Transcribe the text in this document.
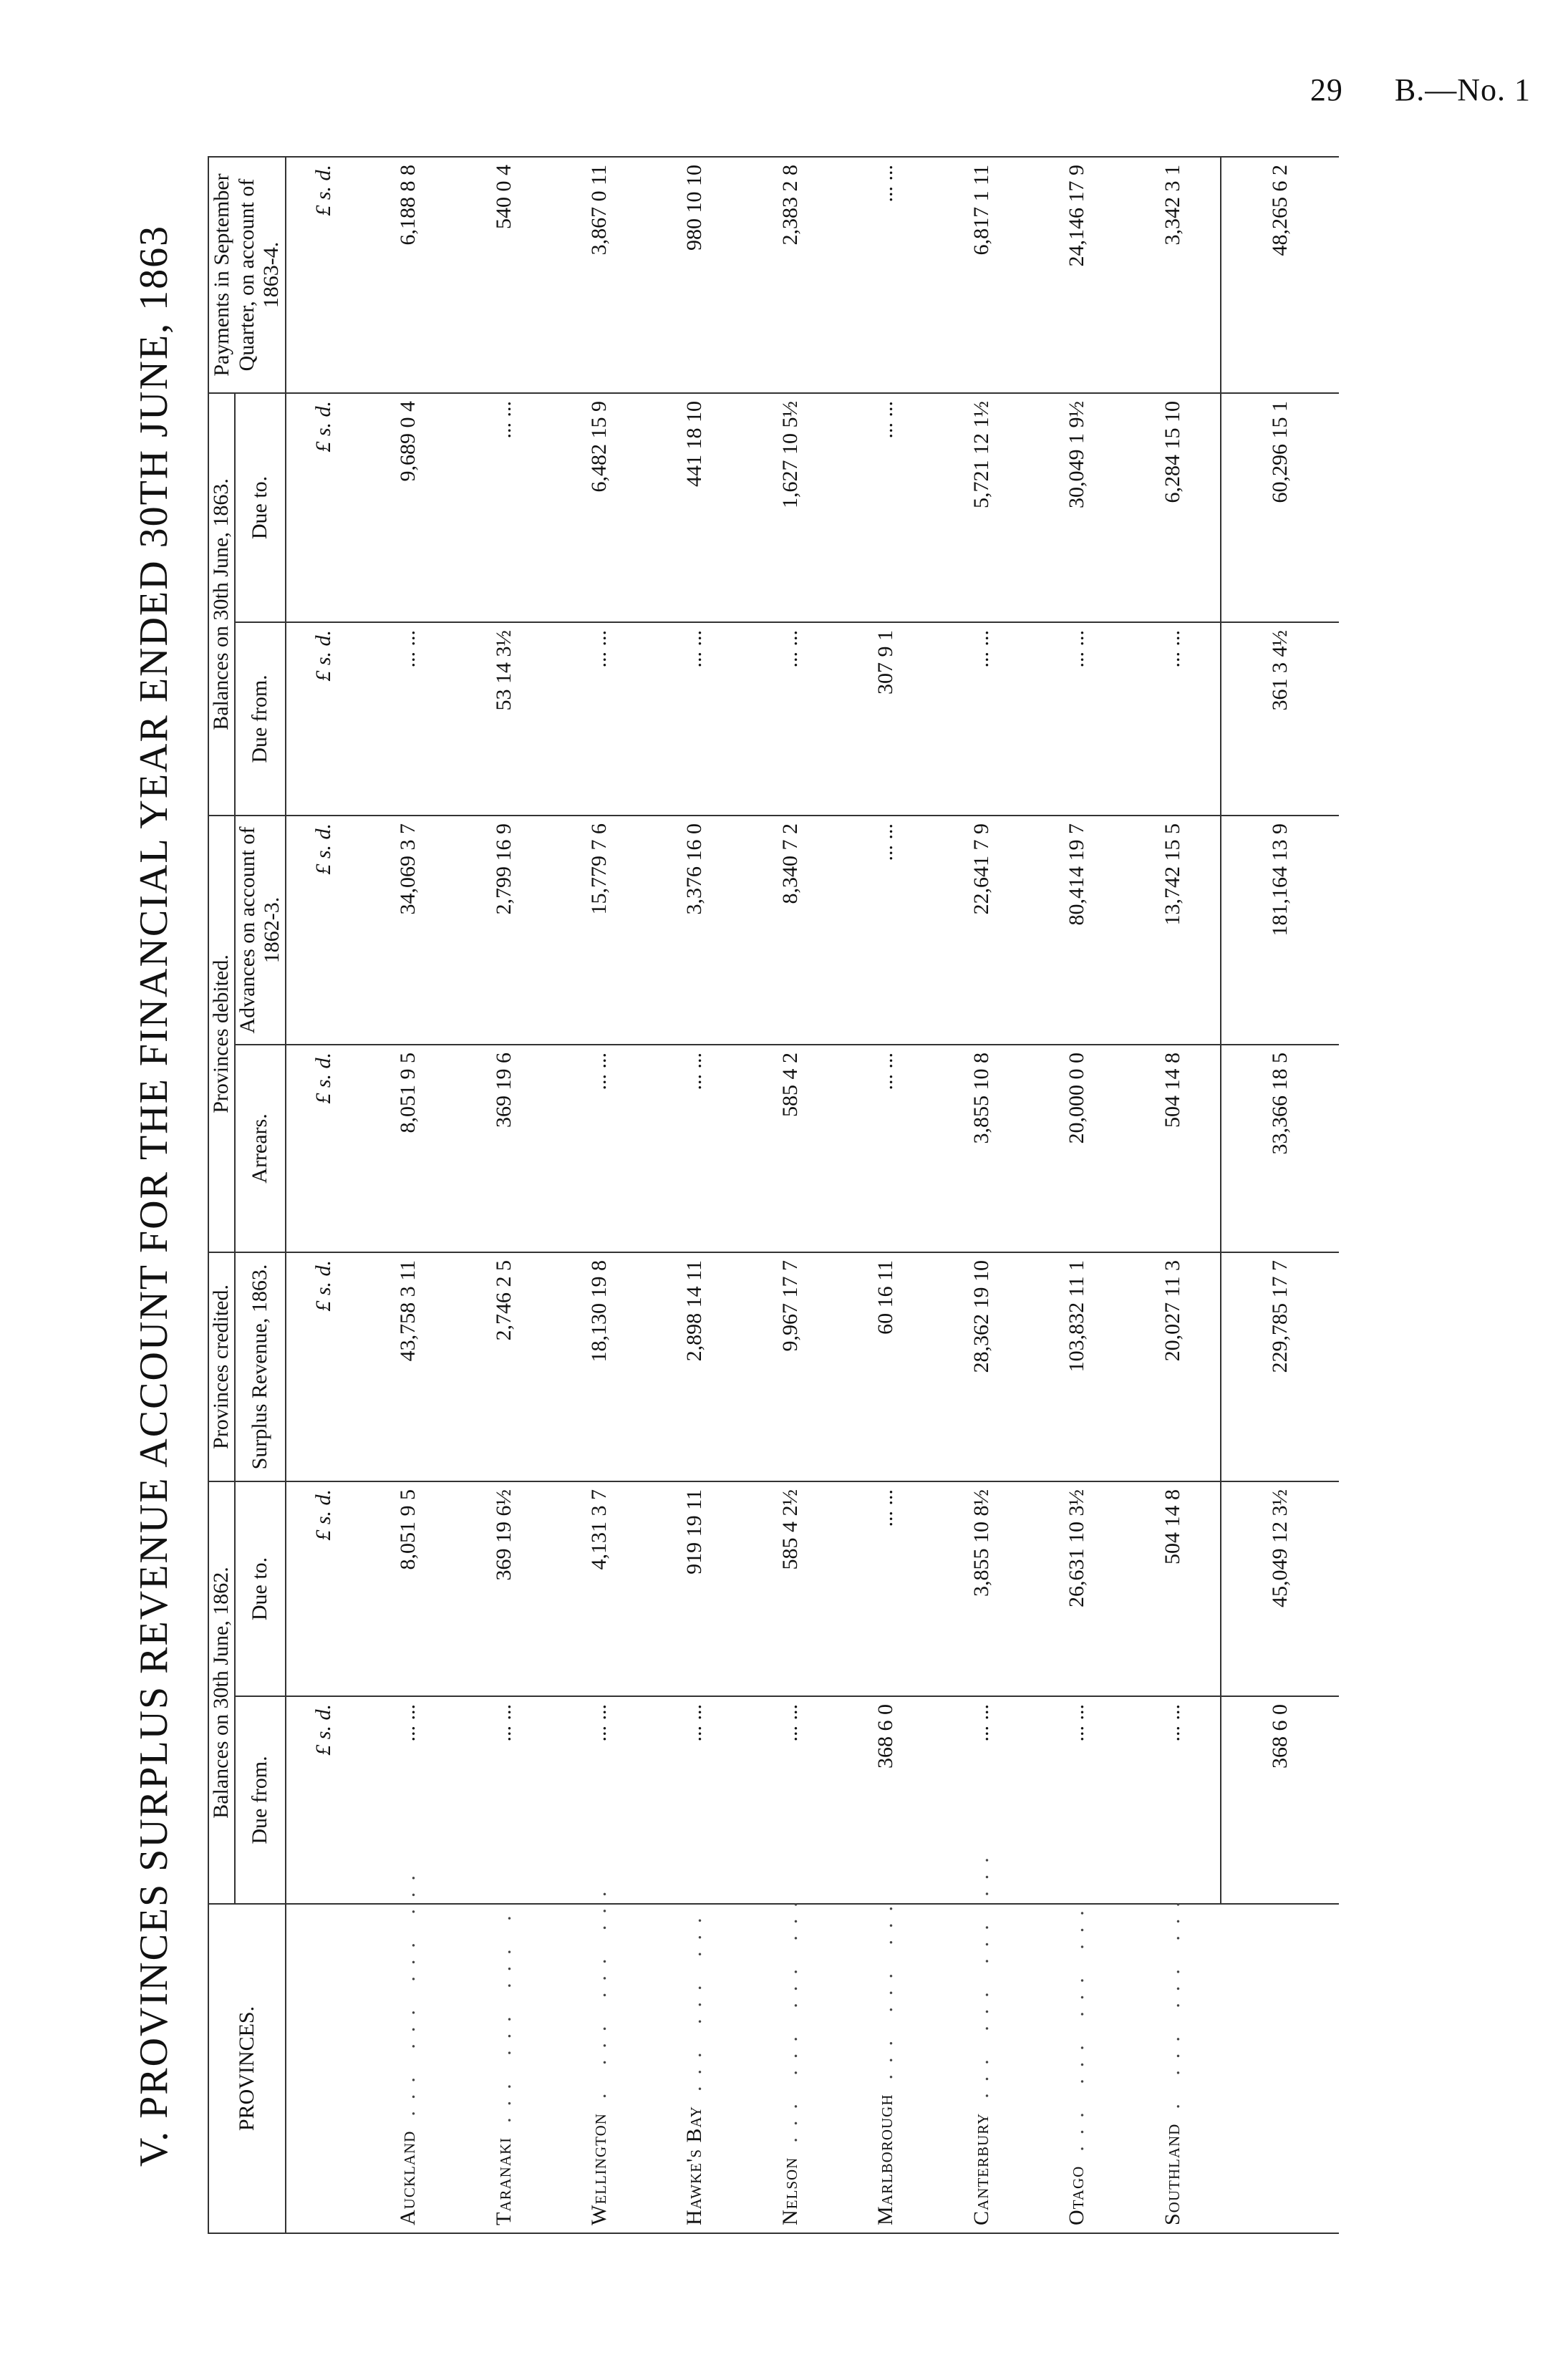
29 B.—No. 1
V. PROVINCES SURPLUS REVENUE ACCOUNT FOR THE FINANCIAL YEAR ENDED 30TH JUNE, 1863	PROVINCES.	Balances on 30th June, 1862.		Provinces credited.	Provinces debited.		Balances on 30th June, 1863.		Payments in September Quarter, on account of 1863-4.
	Due from.	Due to.	Surplus Revenue, 1863.	Arrears.	Advances on account of 1862-3.	Due from.	Due to.	
	£ s. d.	£ s. d.	£ s. d.	£ s. d.	£ s. d.	£ s. d.	£ s. d.	£ s. d.
Auckland... ... ... ...	... ...	8,051 9 5	43,758 3 11	8,051 9 5	34,069 3 7	... ...	9,689 0 4	6,188 8 8
Taranaki... ... ... .	... ...	369 19 6½	2,746 2 5	369 19 6	2,799 16 9	53 14 3½	... ...	540 0 4
Wellington. ... ... ...	... ...	4,131 3 7	18,130 19 8	... ...	15,779 7 6	... ...	6,482 15 9	3,867 0 11
Hawke's Bay... ... ...	... ...	919 19 11	2,898 14 11	... ...	3,376 16 0	... ...	441 18 10	980 10 10
Nelson... ... ... ...	... ...	585 4 2½	9,967 17 7	585 4 2	8,340 7 2	... ...	1,627 10 5½	2,383 2 8
Marlborough... ... ...	368 6 0	... ...	60 16 11	... ...	... ...	307 9 1	... ...	... ...
Canterbury... ... ... ...	... ...	3,855 10 8½	28,362 19 10	3,855 10 8	22,641 7 9	... ...	5,721 12 1½	6,817 1 11
Otago... ... ... ...	... ...	26,631 10 3½	103,832 11 1	20,000 0 0	80,414 19 7	... ...	30,049 1 9½	24,146 17 9
Southland. ... ... ...	... ...	504 14 8	20,027 11 3	504 14 8	13,742 15 5	... ...	6,284 15 10	3,342 3 1
	368 6 0	45,049 12 3½	229,785 17 7	33,366 18 5	181,164 13 9	361 3 4½	60,296 15 1	48,265 6 2
